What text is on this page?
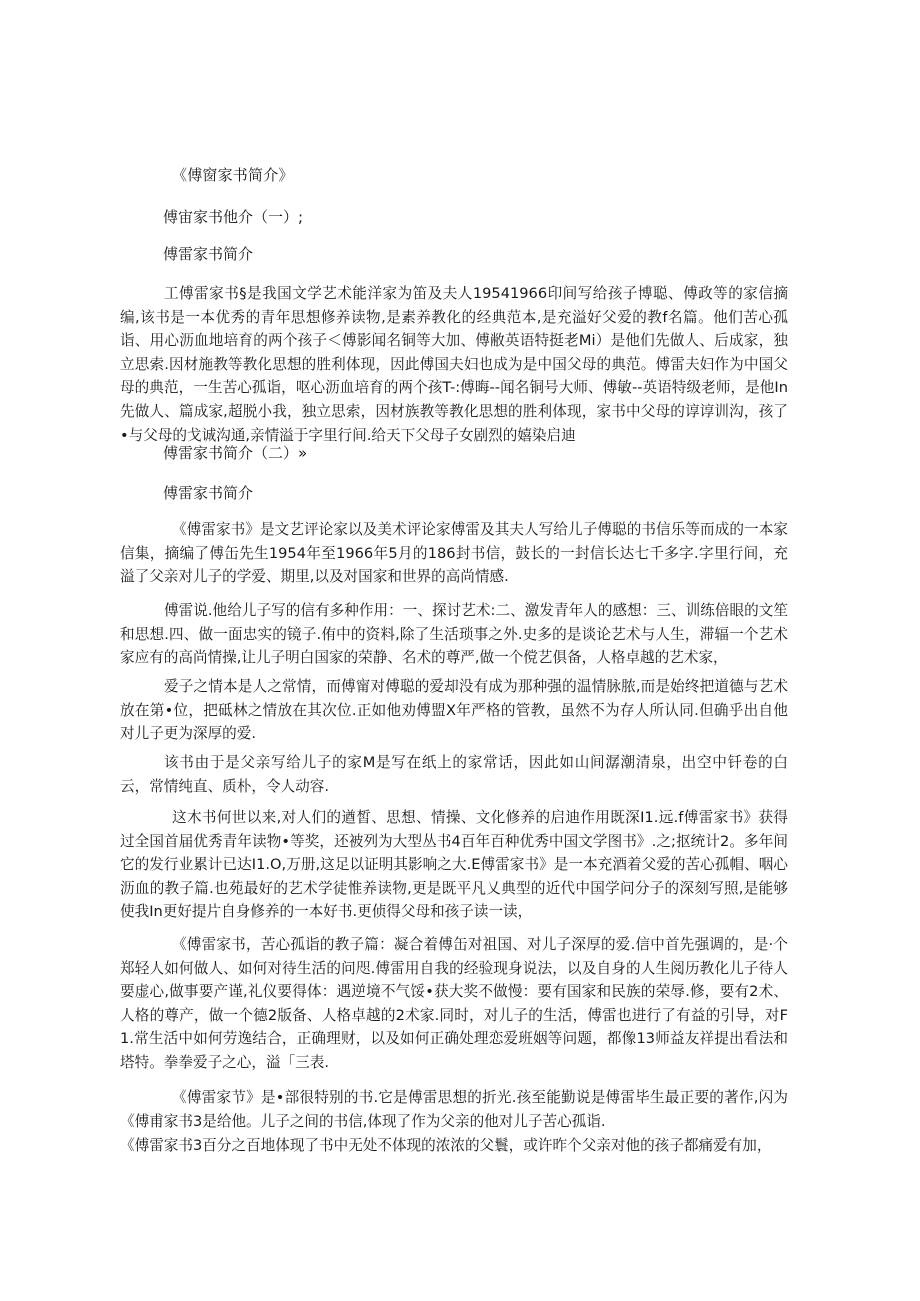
《傅窗家书简介》
傅宙家书他介（一）;
傅雷家书简介

工傅雷家书§是我国文学艺术能洋家为笛及夫人19541966印间写给孩子博聪、傅政等的家信摘编,该书是一本优秀的青年思想修养读物,是素养教化的经典范本,是充溢好父爱的教f名篇。他们苦心孤诣、用心沥血地培育的两个孩子＜傅影闻名铜等大加、傅敝英语特挺老Mi）是他们先做人、后成家，独立思索.因材施教等教化思想的胜利体现，因此傅国夫妇也成为是中国父母的典范。傅雷夫妇作为中国父母的典范，一生苦心孤诣，呕心沥血培育的两个孩T-:傅晦--闻名铜号大师、傅敏--英语特级老师，是他In先做人、篇成家,超脱小我，独立思索，因材族教等教化思想的胜利体现，家书中父母的谆谆训沟，孩了•与父母的戈诚沟通,亲情溢于字里行间.给天下父母子女剧烈的嬉染启迪

傅雷家书简介（二）»
傅雷家书简介

《傅雷家书》是文艺评论家以及美术评论家傅雷及其夫人写给儿子傅聪的书信乐等而成的一本家信集，摘编了傅缶先生1954年至1966年5月的186封书信，鼓长的一封信长达七千多字.字里行间，充溢了父亲对儿子的学爱、期里,以及对国家和世界的高尚情感.

傅雷说.他给儿子写的信有多种作用：一、探讨艺术:二、激发青年人的感想：三、训练倍眼的文笙和思想.四、做一面忠实的镜子.侑中的资料,除了生活琐事之外.史多的是谈论艺术与人生，滞辐一个艺术家应有的高尚情操,让儿子明白国家的荣静、名术的尊严,做一个傥艺俱备，人格卓越的艺术家，

爱子之情本是人之常情，而傅甯对傅聪的爱却没有成为那种强的温情脉脓,而是始终把道德与艺术放在第•位，把砥林之情放在其次位.正如他劝傅盟X年严格的管教，虽然不为存人所认同.但确乎出自他对儿子更为深厚的爱.

该书由于是父亲写给儿子的家M是写在纸上的家常话，因此如山间潺潮清泉，出空中钎卷的白云，常情纯直、质朴，令人动容.

这木书何世以来,对人们的遒皙、思想、情操、文化修养的启迪作用既深I1.远.f傅雷家书》获得过全国首届优秀青年读物•等奖，还被列为大型丛书4百年百种优秀中国文学图书》.之;抠统计2。多年间它的发行业累计已达I1.O,万册,这足以证明其影响之大.E傅雷家书》是一本充酒着父爱的苦心孤帽、咽心沥血的教子篇.也苑最好的艺术学徒惟养读物,更是既平凡乂典型的近代中国学问分子的深刻写照,是能够使我In更好提片自身修养的一本好书.更侦得父母和孩子读一读，

《傅雷家书，苦心孤诣的教子篇：凝合着傅缶对祖国、对儿子深厚的爱.信中首先强调的，是·个郑轻人如何做人、如何对待生活的问咫.傅雷用自我的经验现身说法，以及自身的人生阅历教化儿子待人要虚心,做事要产谨,礼仪要得体：遇逆境不气馁•获大奖不做慢：要有国家和民族的荣辱.修，要有2术、人格的尊产，做一个德2版备、人格卓越的2术家.同时，对儿子的生活，傅雷也进行了有益的引导，对F1.常生活中如何劳逸结合，正确理财，以及如何正确处理恋爱班姻等问题，都像13师益友祥提出看法和塔特。拳拳爱子之心，溢「三表.

《傅雷家节》是•部很特别的书.它是傅雷思想的折光.孩至能勤说是傅雷毕生最正要的著作,闪为《傅甫家书3是给他。儿子之间的书信,体现了作为父亲的他对儿子苦心孤诣.

《傅雷家书3百分之百地体现了书中无处不体现的浓浓的父鬟，或许昨个父亲对他的孩子都痛爱有加，
